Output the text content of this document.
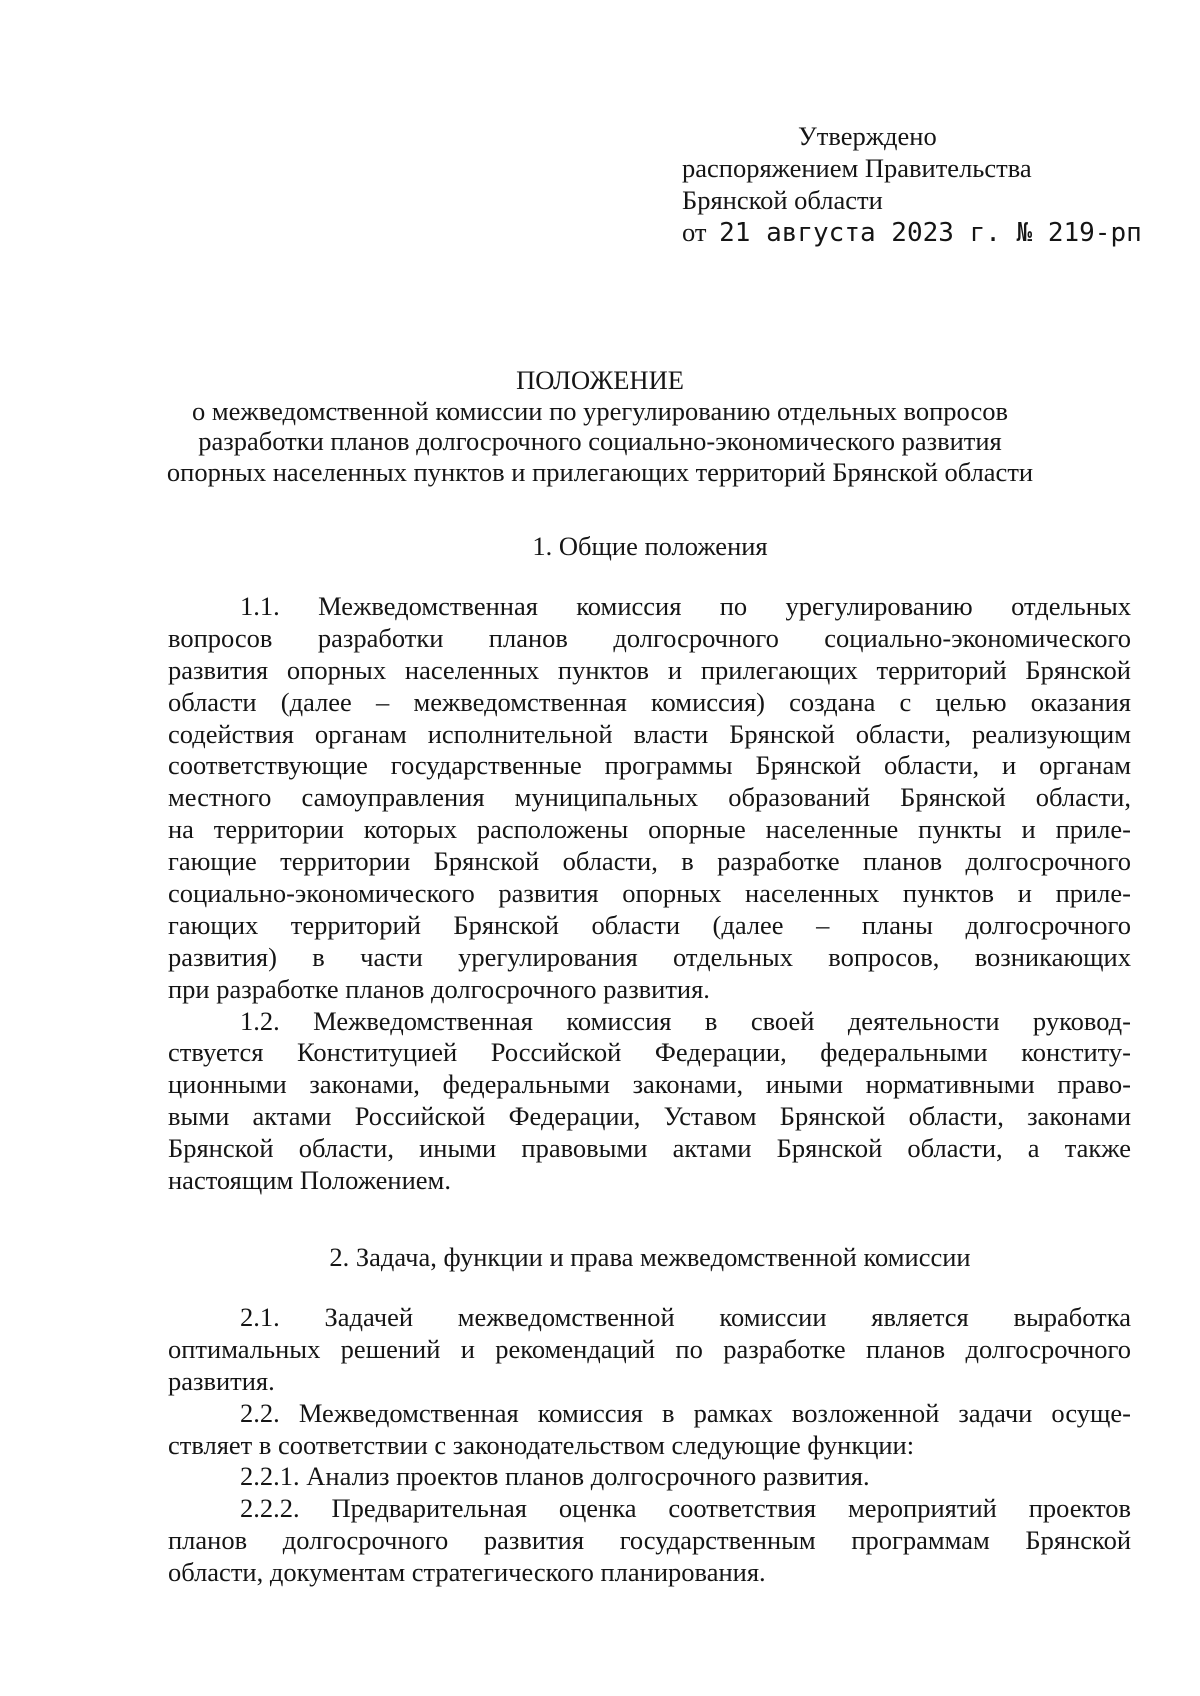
Утверждено
распоряжением Правительства
Брянской области
от 21 августа 2023 г. № 219-рп
ПОЛОЖЕНИЕ
о межведомственной комиссии по урегулированию отдельных вопросов
разработки планов долгосрочного социально-экономического развития
опорных населенных пунктов и прилегающих территорий Брянской области
1. Общие положения
1.1. Межведомственная комиссия по урегулированию отдельных
вопросов разработки планов долгосрочного социально-экономического
развития опорных населенных пунктов и прилегающих территорий Брянской
области (далее – межведомственная комиссия) создана с целью оказания
содействия органам исполнительной власти Брянской области, реализующим
соответствующие государственные программы Брянской области, и органам
местного самоуправления муниципальных образований Брянской области,
на территории которых расположены опорные населенные пункты и приле-
гающие территории Брянской области, в разработке планов долгосрочного
социально-экономического развития опорных населенных пунктов и приле-
гающих территорий Брянской области (далее – планы долгосрочного
развития) в части урегулирования отдельных вопросов, возникающих
при разработке планов долгосрочного развития.
1.2. Межведомственная комиссия в своей деятельности руковод-
ствуется Конституцией Российской Федерации, федеральными конститу-
ционными законами, федеральными законами, иными нормативными право-
выми актами Российской Федерации, Уставом Брянской области, законами
Брянской области, иными правовыми актами Брянской области, а также
настоящим Положением.
2. Задача, функции и права межведомственной комиссии
2.1. Задачей межведомственной комиссии является выработка
оптимальных решений и рекомендаций по разработке планов долгосрочного
развития.
2.2. Межведомственная комиссия в рамках возложенной задачи осуще-
ствляет в соответствии с законодательством следующие функции:
2.2.1. Анализ проектов планов долгосрочного развития.
2.2.2. Предварительная оценка соответствия мероприятий проектов
планов долгосрочного развития государственным программам Брянской
области, документам стратегического планирования.
